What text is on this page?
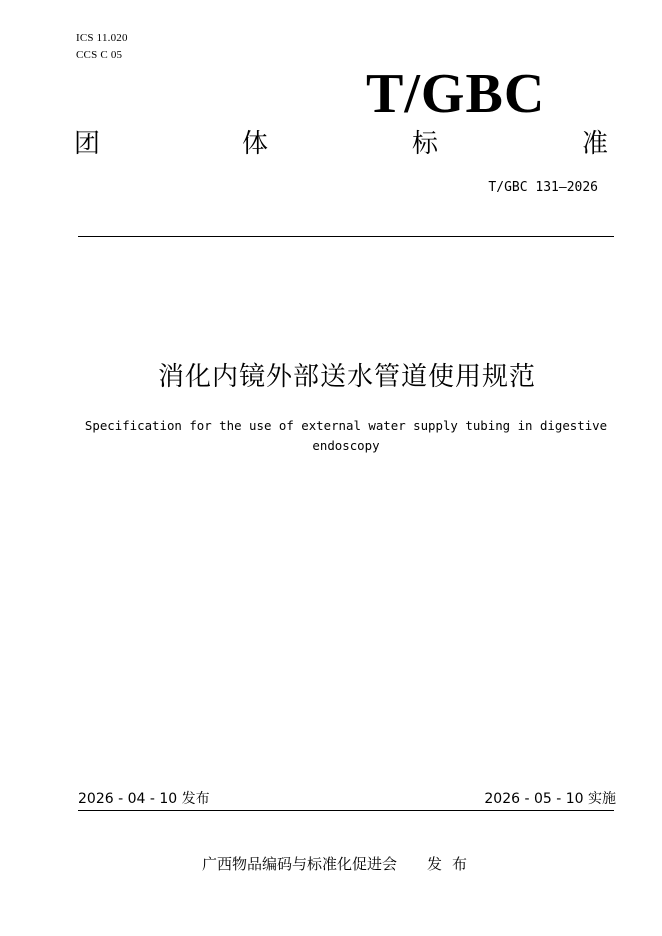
ICS 11.020
CCS C 05
T/GBC
团	体	标	准
T/GBC 131—2026
消化内镜外部送水管道使用规范
Specification for the use of external water supply tubing in digestive endoscopy
2026 - 04 - 10 发布	2026 - 05 - 10 实施
广西物品编码与标准化促进会 发布
